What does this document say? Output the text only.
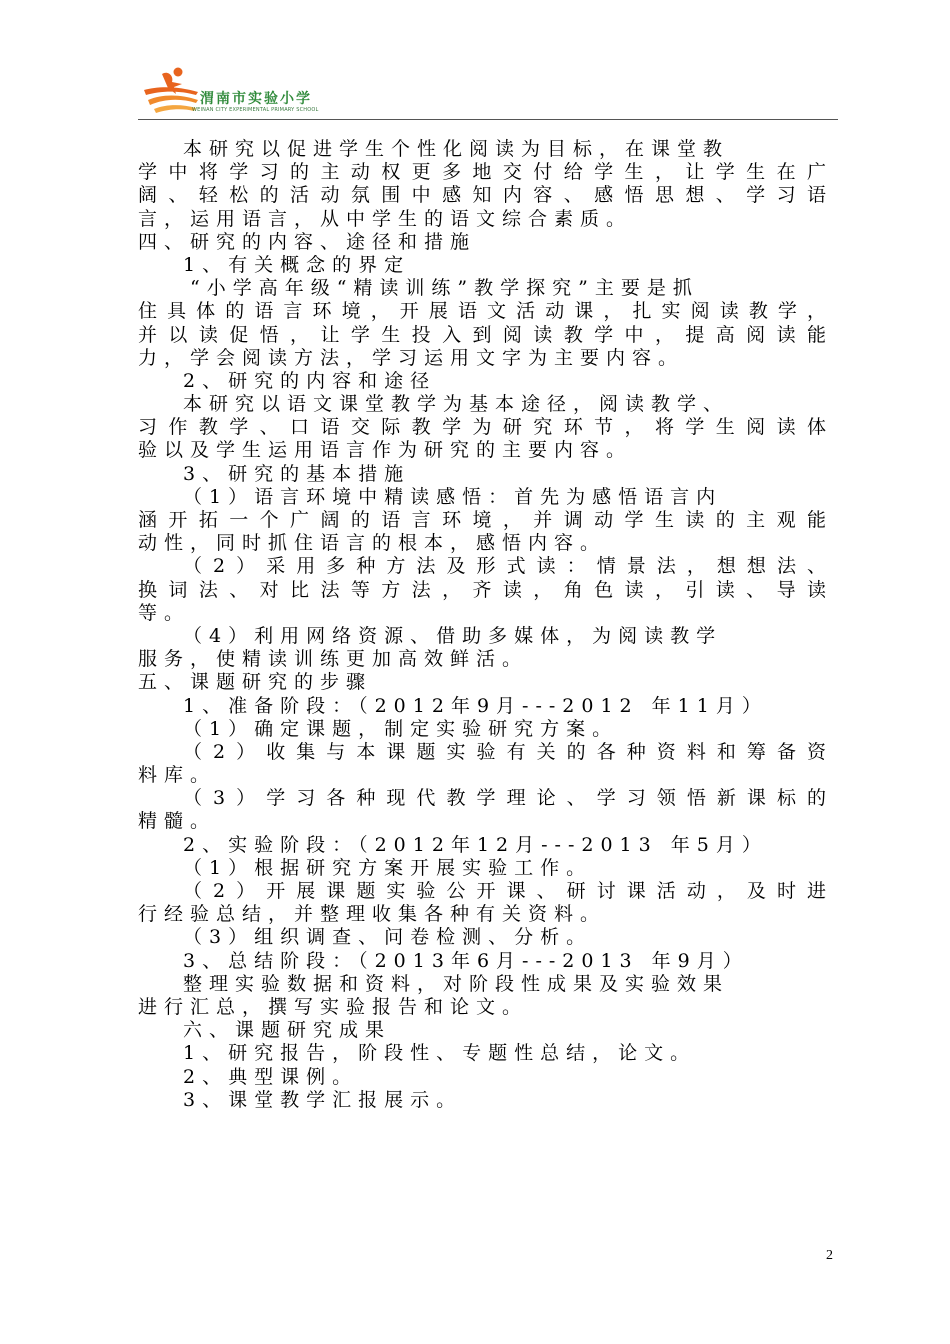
渭南市实验小学
WEINAN CITY EXPERIMENTAL PRIMARY SCHOOL
本研究以促进学生个性化阅读为目标，在课堂教
学中将学习的主动权更多地交付给学生，让学生在广
阔、轻松的活动氛围中感知内容、感悟思想、学习语
言，运用语言，从中学生的语文综合素质。
四、研究的内容、途径和措施
1、有关概念的界定
“小学高年级“精读训练”教学探究”主要是抓
住具体的语言环境，开展语文活动课，扎实阅读教学，
并以读促悟，让学生投入到阅读教学中，提高阅读能
力，学会阅读方法，学习运用文字为主要内容。
2、研究的内容和途径
本研究以语文课堂教学为基本途径，阅读教学、
习作教学、口语交际教学为研究环节，将学生阅读体
验以及学生运用语言作为研究的主要内容。
3、研究的基本措施
（1）语言环境中精读感悟：首先为感悟语言内
涵开拓一个广阔的语言环境，并调动学生读的主观能
动性，同时抓住语言的根本，感悟内容。
（2）采用多种方法及形式读：情景法，想想法、
换词法、对比法等方法，齐读，角色读，引读、导读
等。
（4）利用网络资源、借助多媒体，为阅读教学
服务，使精读训练更加高效鲜活。
五、课题研究的步骤
1、准备阶段：（2012年9月---2012 年11月）
（1）确定课题，制定实验研究方案。
（2）收集与本课题实验有关的各种资料和筹备资
料库。
（3）学习各种现代教学理论、学习领悟新课标的
精髓。
2、实验阶段：（2012年12月---2013 年5月）
（1）根据研究方案开展实验工作。
（2）开展课题实验公开课、研讨课活动，及时进
行经验总结，并整理收集各种有关资料。
（3）组织调查、问卷检测、分析。
3、总结阶段：（2013年6月---2013 年9月）
整理实验数据和资料，对阶段性成果及实验效果
进行汇总，撰写实验报告和论文。
六、课题研究成果
1、研究报告，阶段性、专题性总结，论文。
2、典型课例。
3、课堂教学汇报展示。
2
